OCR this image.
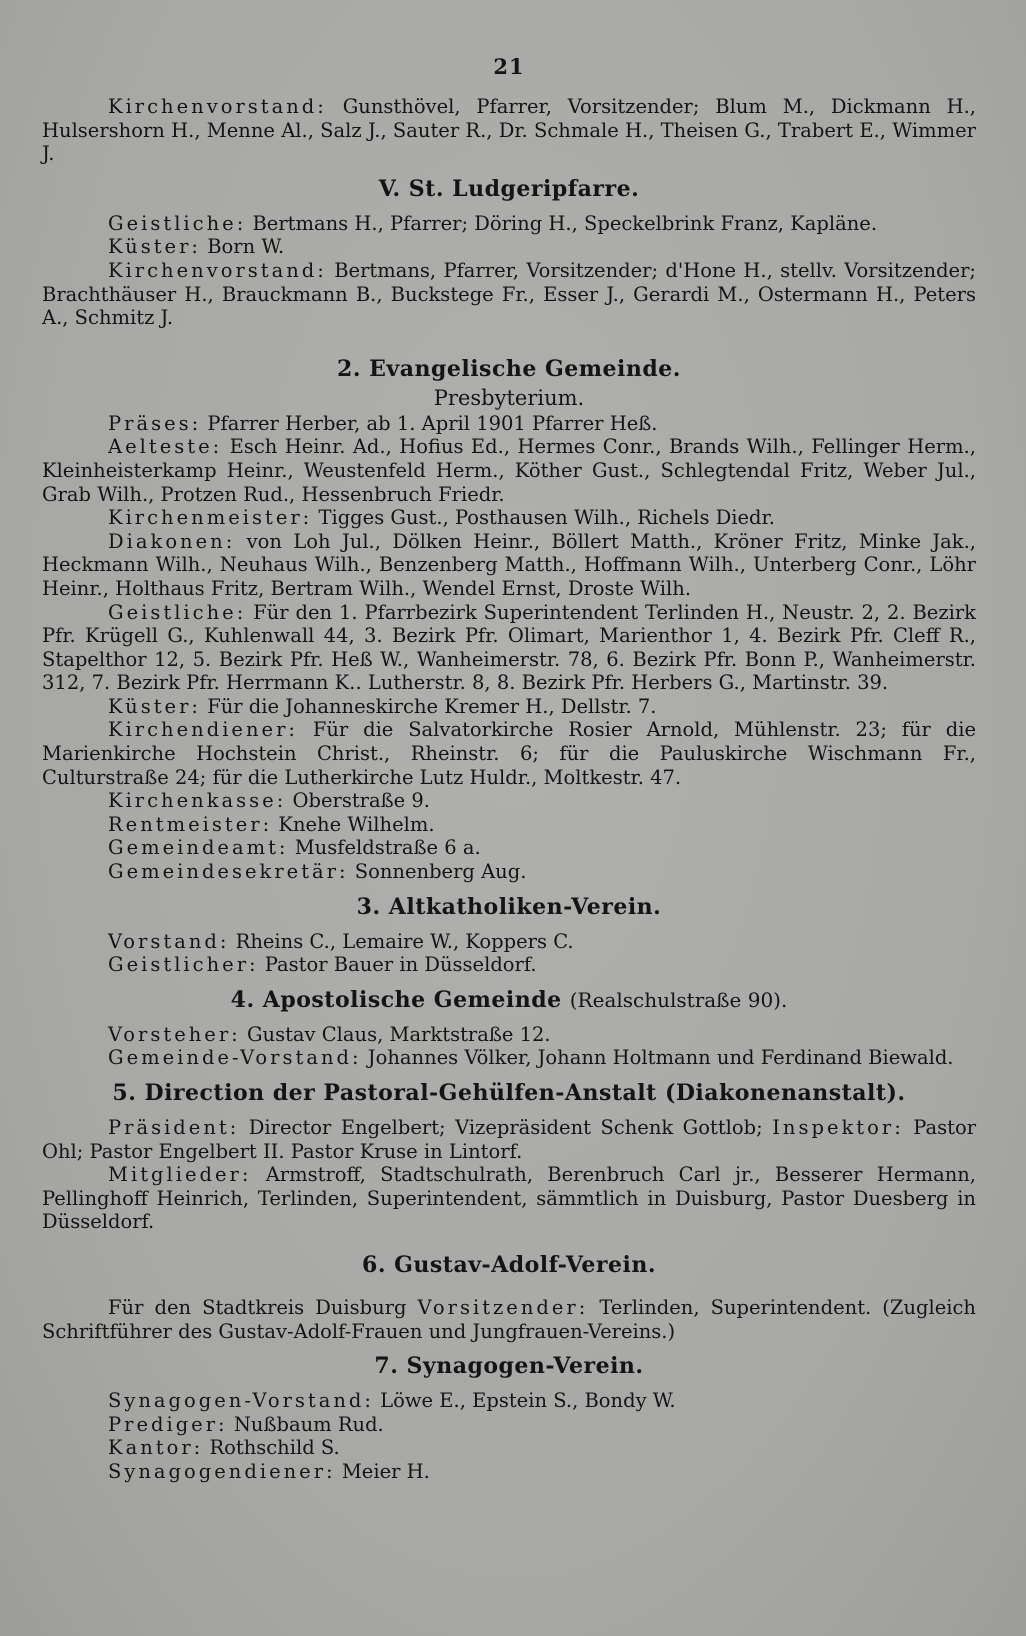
21

Kirchenvorstand: Gunsthövel, Pfarrer, Vorsitzender; Blum M., Dickmann H., Hulsershorn H., Menne Al., Salz J., Sauter R., Dr. Schmale H., Theisen G., Trabert E., Wimmer J.

V. St. Ludgeripfarre.

Geistliche: Bertmans H., Pfarrer; Döring H., Speckelbrink Franz, Kapläne.

Küster: Born W.

Kirchenvorstand: Bertmans, Pfarrer, Vorsitzender; d'Hone H., stellv. Vorsitzender; Brachthäuser H., Brauckmann B., Buckstege Fr., Esser J., Gerardi M., Ostermann H., Peters A., Schmitz J.

2. Evangelische Gemeinde.
Presbyterium.

Präses: Pfarrer Herber, ab 1. April 1901 Pfarrer Heß.

Aelteste: Esch Heinr. Ad., Hofius Ed., Hermes Conr., Brands Wilh., Fellinger Herm., Kleinheisterkamp Heinr., Weustenfeld Herm., Köther Gust., Schlegtendal Fritz, Weber Jul., Grab Wilh., Protzen Rud., Hessenbruch Friedr.

Kirchenmeister: Tigges Gust., Posthausen Wilh., Richels Diedr.

Diakonen: von Loh Jul., Dölken Heinr., Böllert Matth., Kröner Fritz, Minke Jak., Heckmann Wilh., Neuhaus Wilh., Benzenberg Matth., Hoffmann Wilh., Unterberg Conr., Löhr Heinr., Holthaus Fritz, Bertram Wilh., Wendel Ernst, Droste Wilh.

Geistliche: Für den 1. Pfarrbezirk Superintendent Terlinden H., Neustr. 2, 2. Bezirk Pfr. Krügell G., Kuhlenwall 44, 3. Bezirk Pfr. Olimart, Marienthor 1, 4. Bezirk Pfr. Cleff R., Stapelthor 12, 5. Bezirk Pfr. Heß W., Wanheimerstr. 78, 6. Bezirk Pfr. Bonn P., Wanheimerstr. 312, 7. Bezirk Pfr. Herrmann K.. Lutherstr. 8, 8. Bezirk Pfr. Herbers G., Martinstr. 39.

Küster: Für die Johanneskirche Kremer H., Dellstr. 7.

Kirchendiener: Für die Salvatorkirche Rosier Arnold, Mühlenstr. 23; für die Marienkirche Hochstein Christ., Rheinstr. 6; für die Pauluskirche Wischmann Fr., Culturstraße 24; für die Lutherkirche Lutz Huldr., Moltkestr. 47.

Kirchenkasse: Oberstraße 9.

Rentmeister: Knehe Wilhelm.

Gemeindeamt: Musfeldstraße 6 a.

Gemeindesekretär: Sonnenberg Aug.

3. Altkatholiken-Verein.

Vorstand: Rheins C., Lemaire W., Koppers C.

Geistlicher: Pastor Bauer in Düsseldorf.

4. Apostolische Gemeinde (Realschulstraße 90).

Vorsteher: Gustav Claus, Marktstraße 12.

Gemeinde-Vorstand: Johannes Völker, Johann Holtmann und Ferdinand Biewald.

5. Direction der Pastoral-Gehülfen-Anstalt (Diakonenanstalt).

Präsident: Director Engelbert; Vizepräsident Schenk Gottlob; Inspektor: Pastor Ohl; Pastor Engelbert II. Pastor Kruse in Lintorf.

Mitglieder: Armstroff, Stadtschulrath, Berenbruch Carl jr., Besserer Hermann, Pellinghoff Heinrich, Terlinden, Superintendent, sämmtlich in Duisburg, Pastor Duesberg in Düsseldorf.

6. Gustav-Adolf-Verein.

Für den Stadtkreis Duisburg Vorsitzender: Terlinden, Superintendent. (Zugleich Schriftführer des Gustav-Adolf-Frauen und Jungfrauen-Vereins.)

7. Synagogen-Verein.

Synagogen-Vorstand: Löwe E., Epstein S., Bondy W.

Prediger: Nußbaum Rud.

Kantor: Rothschild S.

Synagogendiener: Meier H.
